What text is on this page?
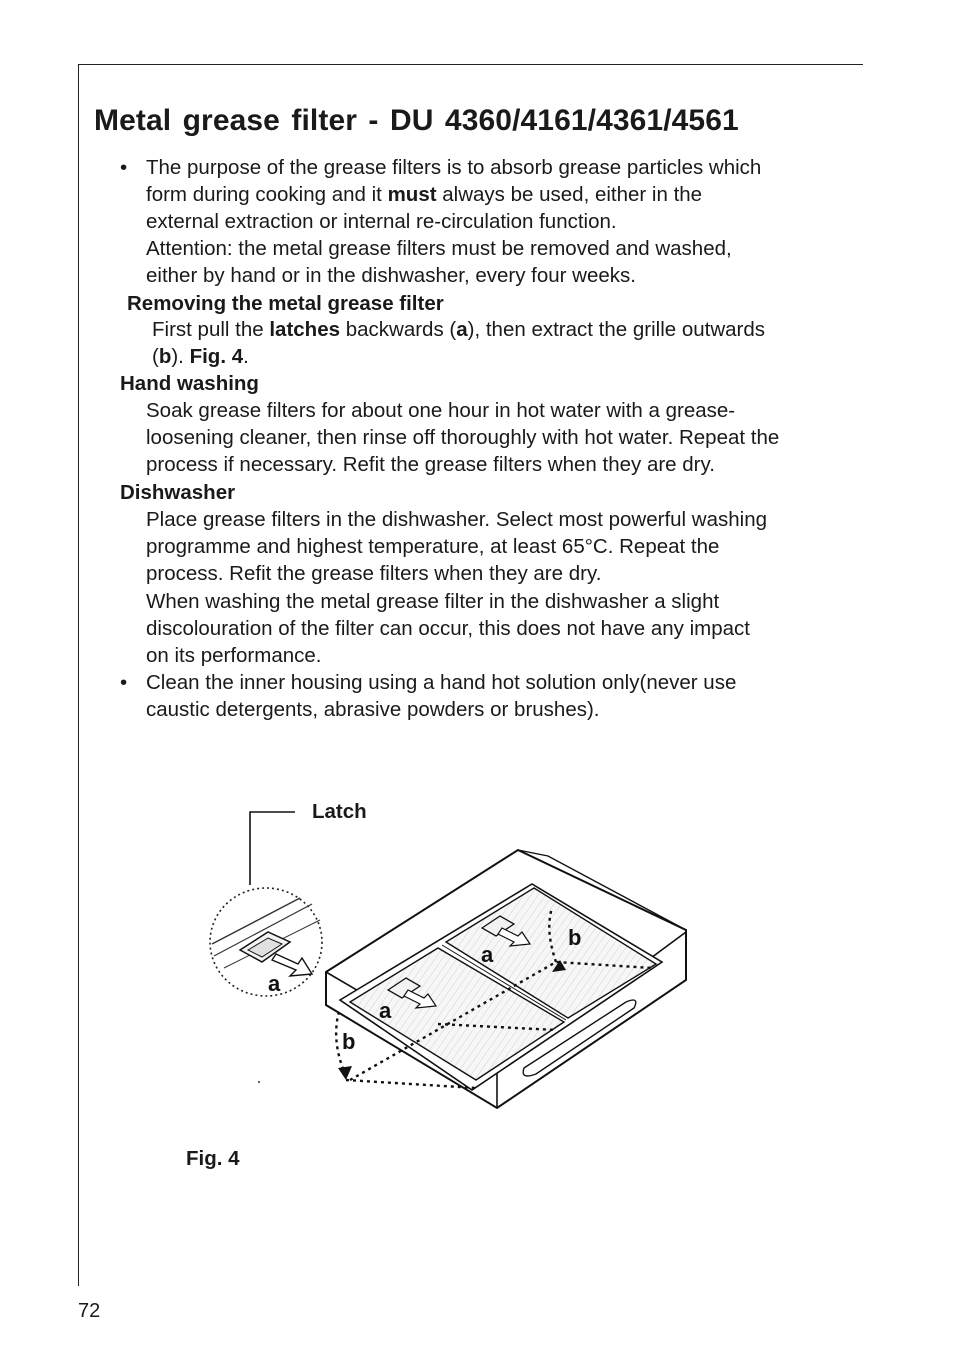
Metal grease filter - DU 4360/4161/4361/4561
• The purpose of the grease filters is to absorb grease particles which
form during cooking and it must always be used, either in the
external extraction or internal re-circulation function.
Attention: the metal grease filters must be removed and washed,
either by hand or in the dishwasher, every four weeks.
Removing the metal grease filter
First pull the latches backwards (a), then extract the grille outwards
(b). Fig. 4.
Hand washing
Soak grease filters for about one hour in hot water with a grease-
loosening cleaner, then rinse off thoroughly with hot water. Repeat the
process if necessary. Refit the grease filters when they are dry.
Dishwasher
Place grease filters in the dishwasher. Select most powerful washing
programme and highest temperature, at least 65°C. Repeat the
process. Refit the grease filters when they are dry.
When washing the metal grease filter in the dishwasher a slight
discolouration of the filter can occur, this does not have any impact
on its performance.
• Clean the inner housing using a hand hot solution only(never use
caustic detergents, abrasive powders or brushes).
a
a
a
b
b
Latch
Fig. 4
72
